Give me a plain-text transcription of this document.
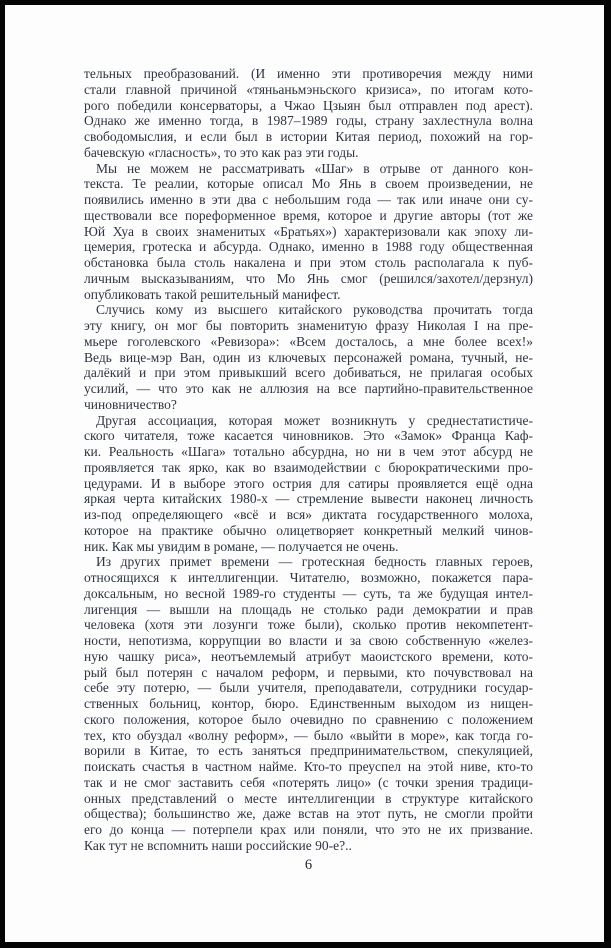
тельных преобразований. (И именно эти противоречия между ними
стали главной причиной «тяньаньмэньского кризиса», по итогам кото-
рого победили консерваторы, а Чжао Цзыян был отправлен под арест).
Однако же именно тогда, в 1987–1989 годы, страну захлестнула волна
свободомыслия, и если был в истории Китая период, похожий на гор-
бачевскую «гласность», то это как раз эти годы.
Мы не можем не рассматривать «Шаг» в отрыве от данного кон-
текста. Те реалии, которые описал Мо Янь в своем произведении, не
появились именно в эти два с небольшим года — так или иначе они су-
ществовали все пореформенное время, которое и другие авторы (тот же
Юй Хуа в своих знаменитых «Братьях») характеризовали как эпоху ли-
цемерия, гротеска и абсурда. Однако, именно в 1988 году общественная
обстановка была столь накалена и при этом столь располагала к пуб-
личным высказываниям, что Мо Янь смог (решился/захотел/дерзнул)
опубликовать такой решительный манифест.
Случись кому из высшего китайского руководства прочитать тогда
эту книгу, он мог бы повторить знаменитую фразу Николая I на пре-
мьере гоголевского «Ревизора»: «Всем досталось, а мне более всех!»
Ведь вице-мэр Ван, один из ключевых персонажей романа, тучный, не-
далёкий и при этом привыкший всего добиваться, не прилагая особых
усилий, — что это как не аллюзия на все партийно-правительственное
чиновничество?
Другая ассоциация, которая может возникнуть у среднестатистиче-
ского читателя, тоже касается чиновников. Это «Замок» Франца Каф-
ки. Реальность «Шага» тотально абсурдна, но ни в чем этот абсурд не
проявляется так ярко, как во взаимодействии с бюрократическими про-
цедурами. И в выборе этого острия для сатиры проявляется ещё одна
яркая черта китайских 1980-х — стремление вывести наконец личность
из-под определяющего «всё и вся» диктата государственного молоха,
которое на практике обычно олицетворяет конкретный мелкий чинов-
ник. Как мы увидим в романе, — получается не очень.
Из других примет времени — гротескная бедность главных героев,
относящихся к интеллигенции. Читателю, возможно, покажется пара-
доксальным, но весной 1989-го студенты — суть, та же будущая интел-
лигенция — вышли на площадь не столько ради демократии и прав
человека (хотя эти лозунги тоже были), сколько против некомпетент-
ности, непотизма, коррупции во власти и за свою собственную «желез-
ную чашку риса», неотъемлемый атрибут маоистского времени, кото-
рый был потерян с началом реформ, и первыми, кто почувствовал на
себе эту потерю, — были учителя, преподаватели, сотрудники государ-
ственных больниц, контор, бюро. Единственным выходом из нищен-
ского положения, которое было очевидно по сравнению с положением
тех, кто обуздал «волну реформ», — было «выйти в море», как тогда го-
ворили в Китае, то есть заняться предпринимательством, спекуляцией,
поискать счастья в частном найме. Кто-то преуспел на этой ниве, кто-то
так и не смог заставить себя «потерять лицо» (с точки зрения традици-
онных представлений о месте интеллигенции в структуре китайского
общества); большинство же, даже встав на этот путь, не смогли пройти
его до конца — потерпели крах или поняли, что это не их призвание.
Как тут не вспомнить наши российские 90-е?..
6
